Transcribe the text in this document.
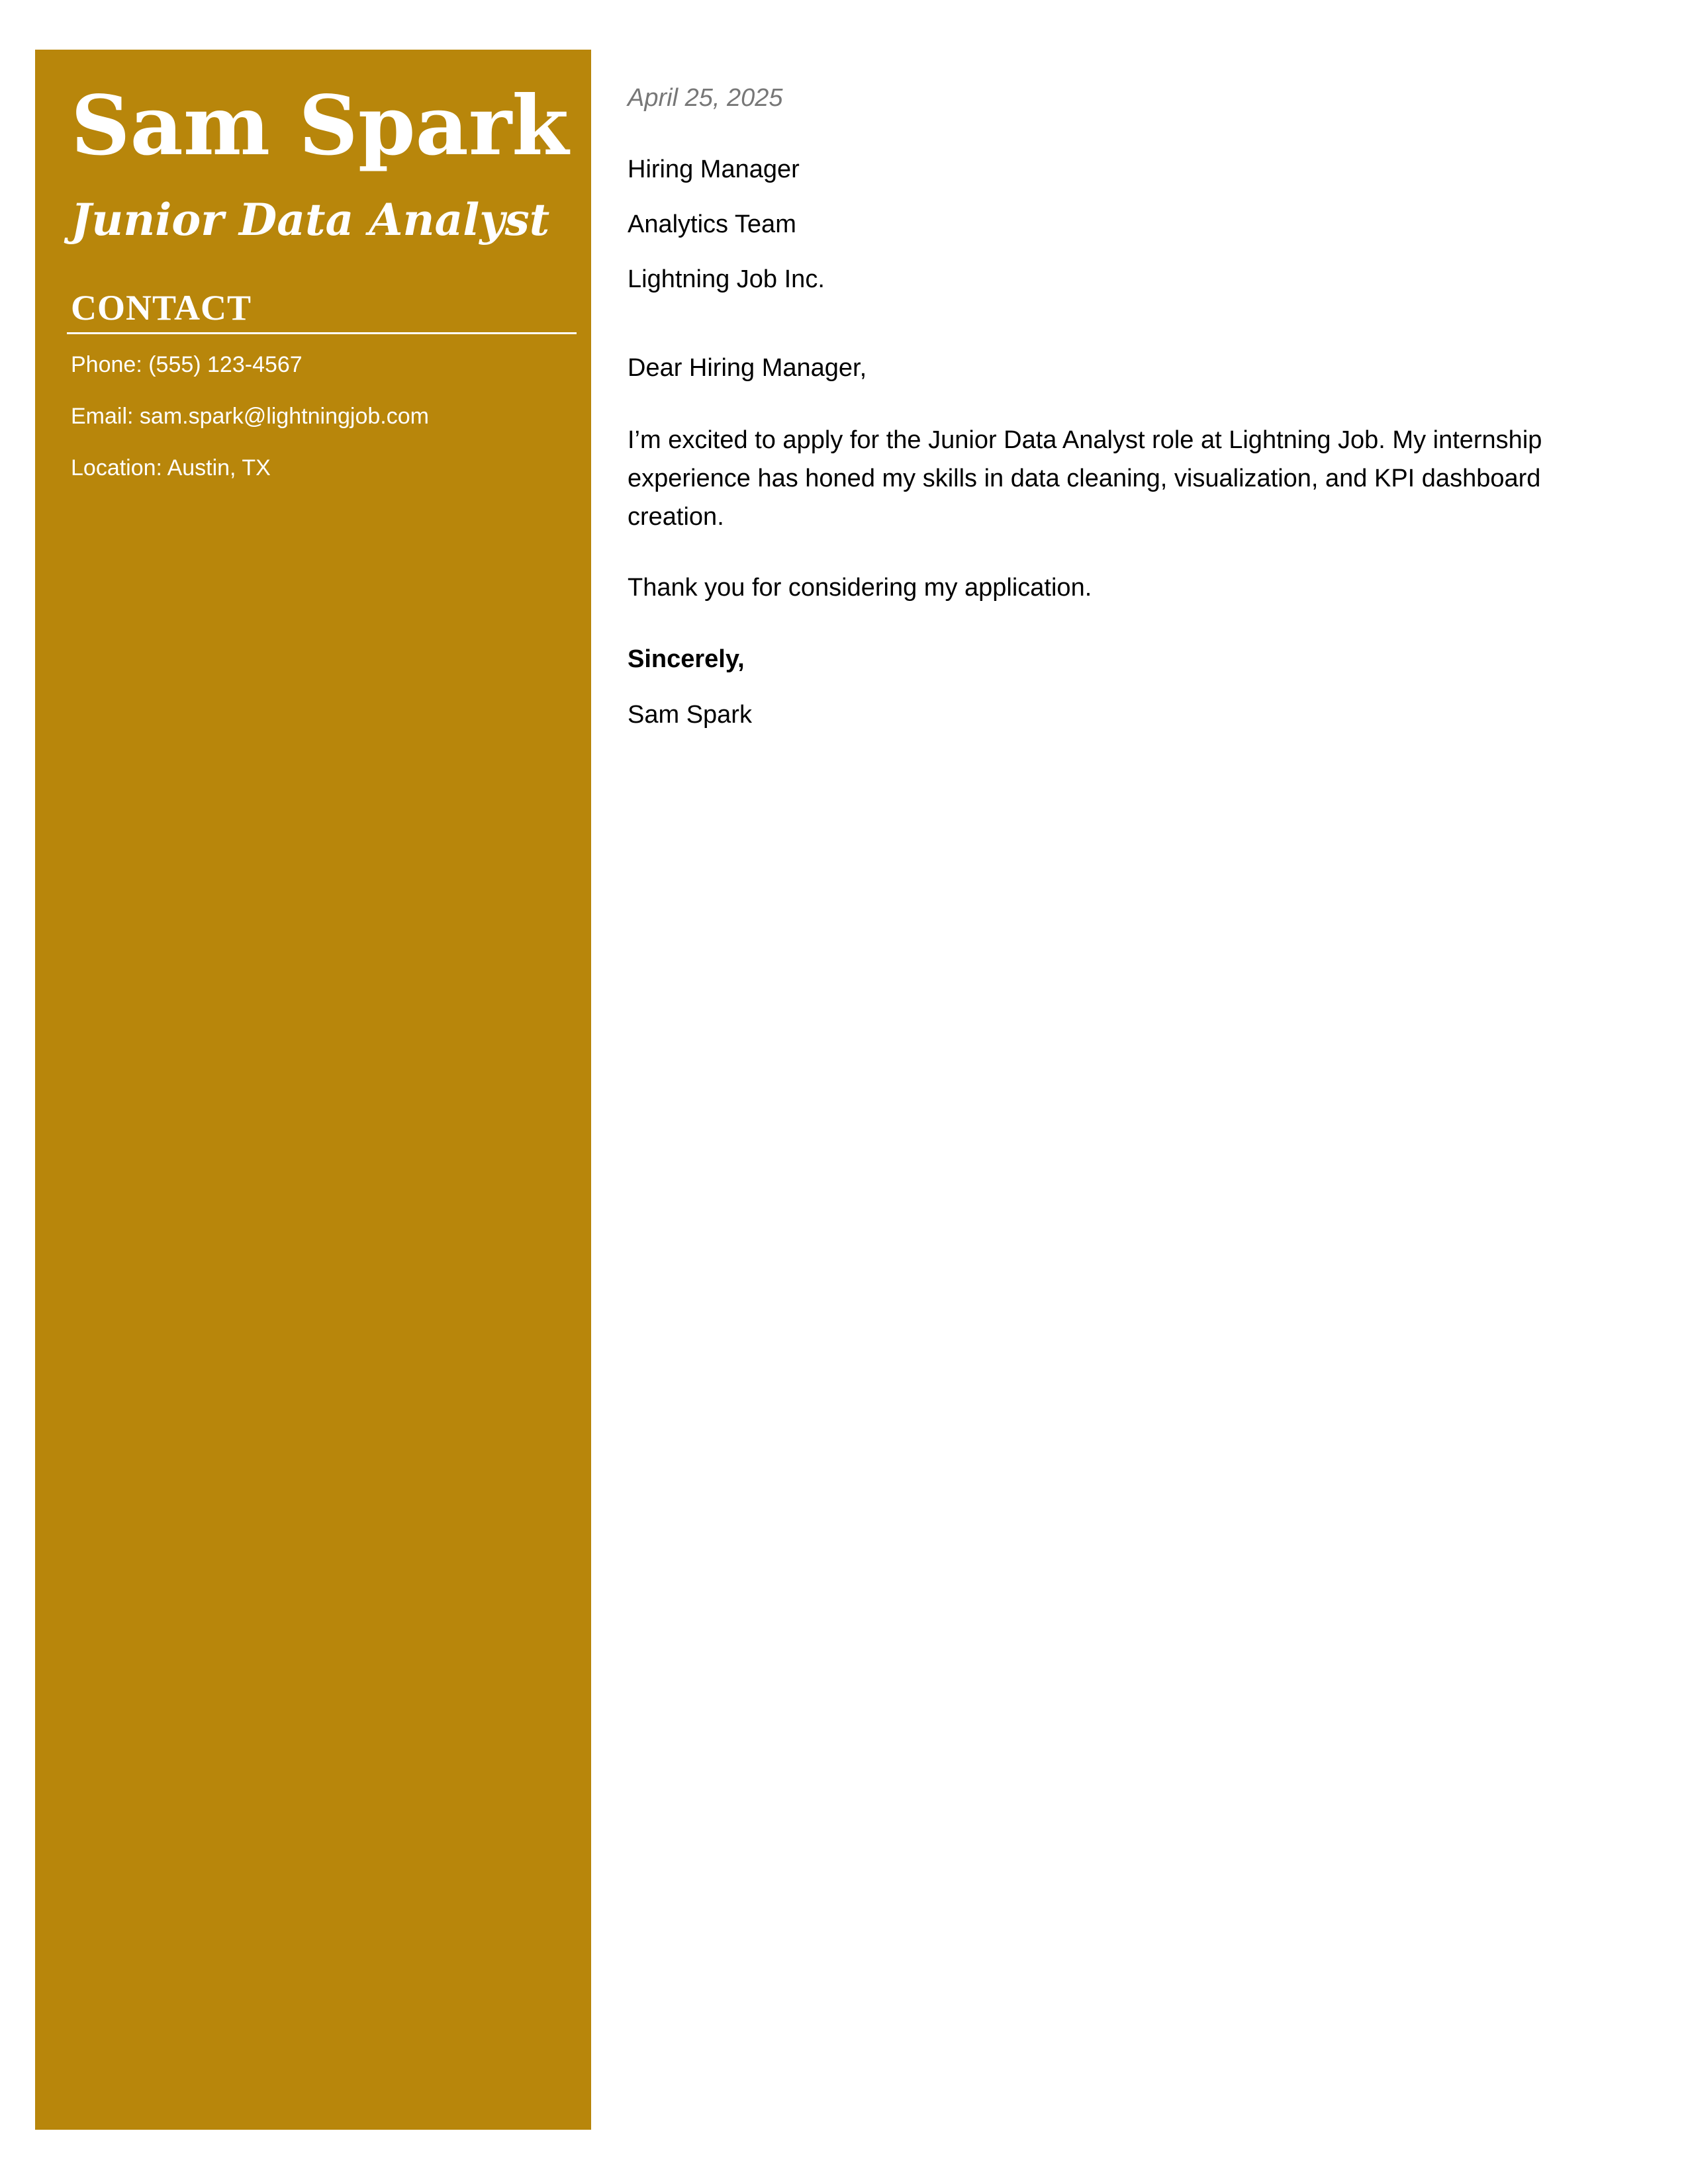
Sam Spark
Junior Data Analyst
CONTACT
Phone: (555) 123-4567
Email: sam.spark@lightningjob.com
Location: Austin, TX

April 25, 2025

Hiring Manager

Analytics Team

Lightning Job Inc.

Dear Hiring Manager,

I’m excited to apply for the Junior Data Analyst role at Lightning Job. My internship experience has honed my skills in data cleaning, visualization, and KPI dashboard creation.

Thank you for considering my application.

Sincerely,

Sam Spark
